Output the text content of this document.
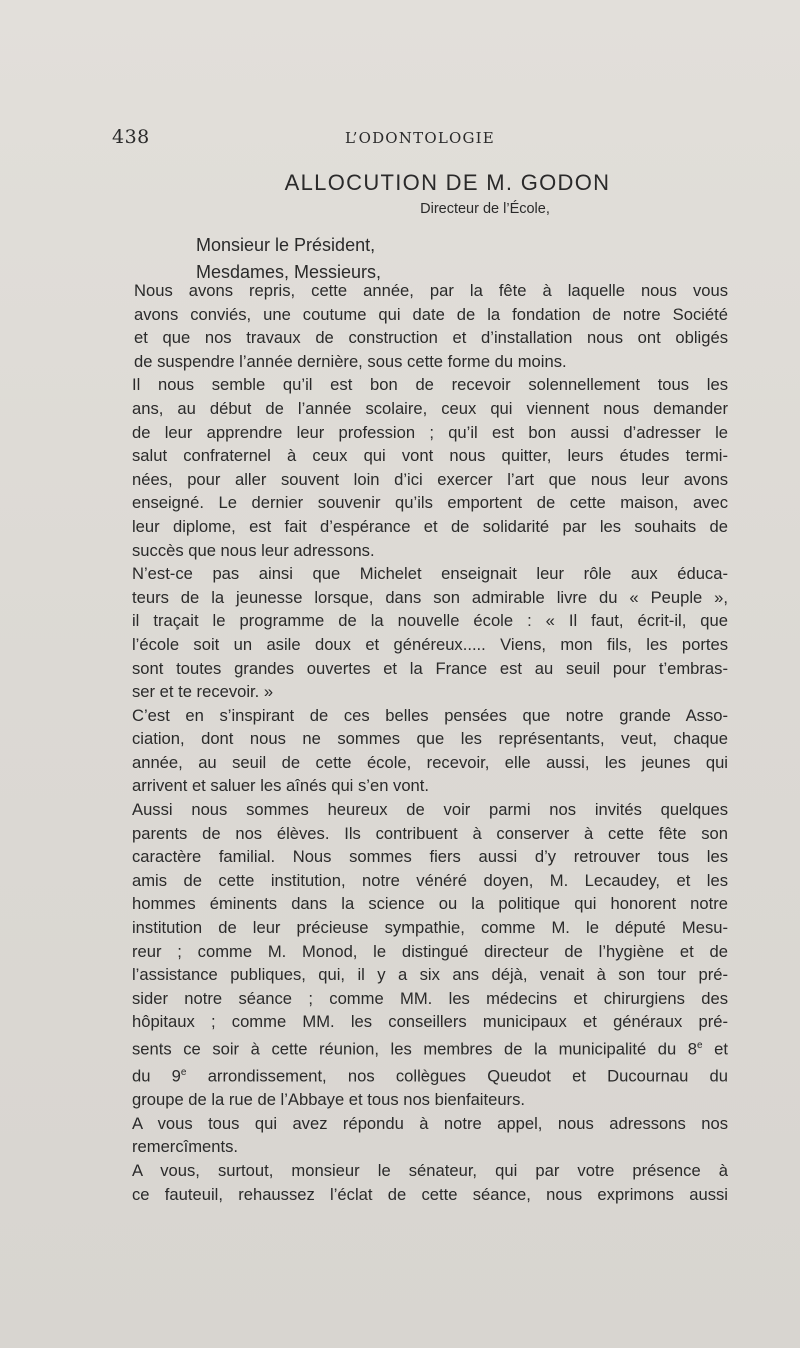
438	L’ODONTOLOGIE
ALLOCUTION DE M. GODON
Directeur de l’École,
Monsieur le Président,
Mesdames, Messieurs,

Nous avons repris, cette année, par la fête à laquelle nous vous
avons conviés, une coutume qui date de la fondation de notre Société
et que nos travaux de construction et d’installation nous ont obligés
de suspendre l’année dernière, sous cette forme du moins.

Il nous semble qu’il est bon de recevoir solennellement tous les
ans, au début de l’année scolaire, ceux qui viennent nous demander
de leur apprendre leur profession ; qu’il est bon aussi d’adresser le
salut confraternel à ceux qui vont nous quitter, leurs études termi-
nées, pour aller souvent loin d’ici exercer l’art que nous leur avons
enseigné. Le dernier souvenir qu’ils emportent de cette maison, avec
leur diplome, est fait d’espérance et de solidarité par les souhaits de
succès que nous leur adressons.

N’est-ce pas ainsi que Michelet enseignait leur rôle aux éduca-
teurs de la jeunesse lorsque, dans son admirable livre du « Peuple »,
il traçait le programme de la nouvelle école : « Il faut, écrit-il, que
l’école soit un asile doux et généreux..... Viens, mon fils, les portes
sont toutes grandes ouvertes et la France est au seuil pour t’embras-
ser et te recevoir. »

C’est en s’inspirant de ces belles pensées que notre grande Asso-
ciation, dont nous ne sommes que les représentants, veut, chaque
année, au seuil de cette école, recevoir, elle aussi, les jeunes qui
arrivent et saluer les aînés qui s’en vont.

Aussi nous sommes heureux de voir parmi nos invités quelques
parents de nos élèves. Ils contribuent à conserver à cette fête son
caractère familial. Nous sommes fiers aussi d’y retrouver tous les
amis de cette institution, notre vénéré doyen, M. Lecaudey, et les
hommes éminents dans la science ou la politique qui honorent notre
institution de leur précieuse sympathie, comme M. le député Mesu-
reur ; comme M. Monod, le distingué directeur de l’hygiène et de
l’assistance publiques, qui, il y a six ans déjà, venait à son tour pré-
sider notre séance ; comme MM. les médecins et chirurgiens des
hôpitaux ; comme MM. les conseillers municipaux et généraux pré-
sents ce soir à cette réunion, les membres de la municipalité du 8e et
du 9e arrondissement, nos collègues Queudot et Ducournau du
groupe de la rue de l’Abbaye et tous nos bienfaiteurs.

A vous tous qui avez répondu à notre appel, nous adressons nos
remercîments.

A vous, surtout, monsieur le sénateur, qui par votre présence à
ce fauteuil, rehaussez l’éclat de cette séance, nous exprimons aussi
